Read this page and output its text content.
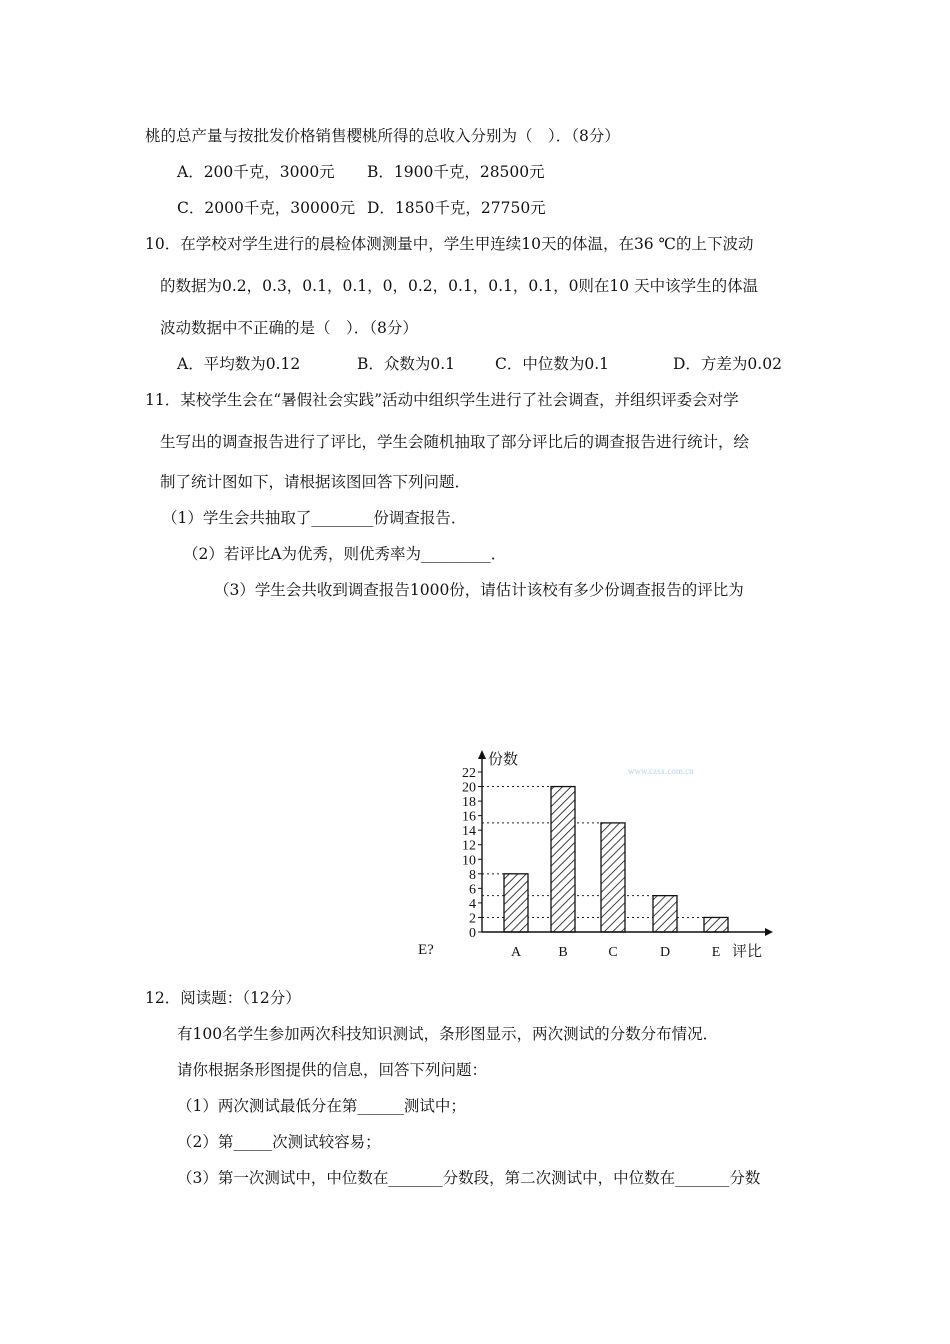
桃的总产量与按批发价格销售樱桃所得的总收入分别为（　）．（8分）
A．200千克，3000元 B．1900千克，28500元
C．2000千克，30000元 D．1850千克，27750元
10．在学校对学生进行的晨检体测测量中，学生甲连续10天的体温，在36 ℃的上下波动
的数据为0.2，0.3，0.1，0.1，0，0.2，0.1，0.1，0.1，0则在10 天中该学生的体温
波动数据中不正确的是（　）．（8分）
A．平均数为0.12	B．众数为0.1	C．中位数为0.1	D．方差为0.02
11．某校学生会在“暑假社会实践”活动中组织学生进行了社会调查，并组织评委会对学
生写出的调查报告进行了评比，学生会随机抽取了部分评比后的调查报告进行统计，绘
制了统计图如下，请根据该图回答下列问题．
（1）学生会共抽取了________份调查报告．
（2）若评比A为优秀，则优秀率为_________．
（3）学生会共收到调查报告1000份，请估计该校有多少份调查报告的评比为
E?
0
2
4
6
8
10
12
14
16
18
20
22
A	B	C	D	E
份数
评比
www.czsx.com.cn
12．阅读题：（12分）
有100名学生参加两次科技知识测试，条形图显示，两次测试的分数分布情况．
请你根据条形图提供的信息，回答下列问题：
（1）两次测试最低分在第______测试中；
（2）第_____次测试较容易；
（3）第一次测试中，中位数在_______分数段，第二次测试中，中位数在_______分数
